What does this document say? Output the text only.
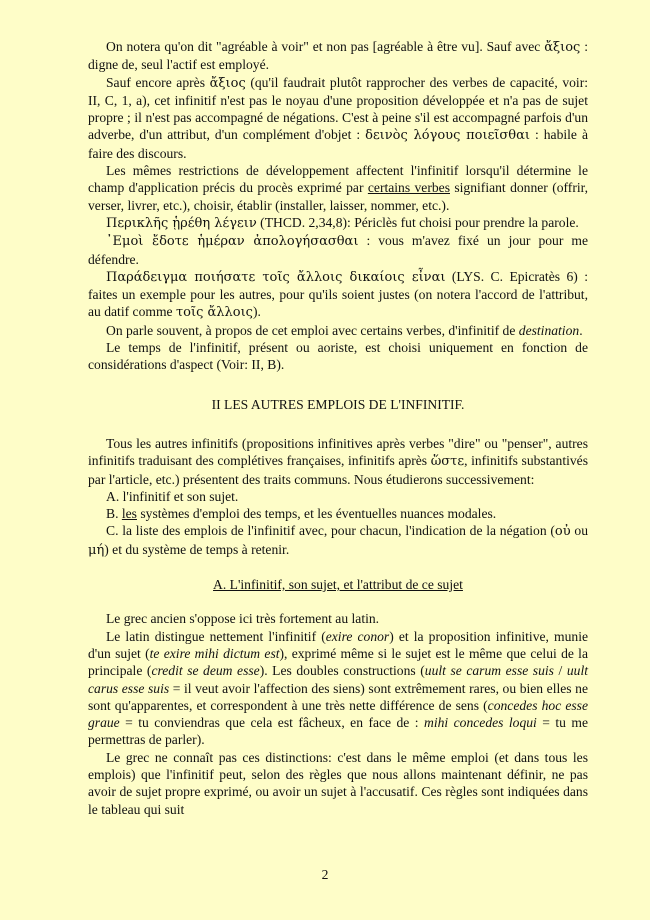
On notera qu'on dit "agréable à voir" et non pas [agréable à être vu]. Sauf avec ἄξιος : digne de, seul l'actif est employé.

Sauf encore après ἄξιος (qu'il faudrait plutôt rapprocher des verbes de capacité, voir: II, C, 1, a), cet infinitif n'est pas le noyau d'une proposition développée et n'a pas de sujet propre ; il n'est pas accompagné de négations. C'est à peine s'il est accompagné parfois d'un adverbe, d'un attribut, d'un complément d'objet : δεινὸς λόγους ποιεῖσθαι : habile à faire des discours.

Les mêmes restrictions de développement affectent l'infinitif lorsqu'il détermine le champ d'application précis du procès exprimé par certains verbes signifiant donner (offrir, verser, livrer, etc.), choisir, établir (installer, laisser, nommer, etc.).

Περικλῆς ᾑρέθη λέγειν (THCD. 2,34,8): Périclès fut choisi pour prendre la parole.

᾿Εμοὶ ἔδοτε ἡμέραν ἀπολογήσασθαι : vous m'avez fixé un jour pour me défendre.

Παράδειγμα ποιήσατε τοῖς ἄλλοις δικαίοις εἶναι (LYS. C. Epicratès 6) : faites un exemple pour les autres, pour qu'ils soient justes (on notera l'accord de l'attribut, au datif comme τοῖς ἄλλοις).

On parle souvent, à propos de cet emploi avec certains verbes, d'infinitif de destination.

Le temps de l'infinitif, présent ou aoriste, est choisi uniquement en fonction de considérations d'aspect (Voir: II, B).

II LES AUTRES EMPLOIS DE L'INFINITIF.

Tous les autres infinitifs (propositions infinitives après verbes "dire" ou "penser", autres infinitifs traduisant des complétives françaises, infinitifs après ὥστε, infinitifs substantivés par l'article, etc.) présentent des traits communs. Nous étudierons successivement:

A. l'infinitif et son sujet.

B. les systèmes d'emploi des temps, et les éventuelles nuances modales.

C. la liste des emplois de l'infinitif avec, pour chacun, l'indication de la négation (οὐ ou μή) et du système de temps à retenir.

A. L'infinitif, son sujet, et l'attribut de ce sujet

Le grec ancien s'oppose ici très fortement au latin.

Le latin distingue nettement l'infinitif (exire conor) et la proposition infinitive, munie d'un sujet (te exire mihi dictum est), exprimé même si le sujet est le même que celui de la principale (credit se deum esse). Les doubles constructions (uult se carum esse suis / uult carus esse suis = il veut avoir l'affection des siens) sont extrêmement rares, ou bien elles ne sont qu'apparentes, et correspondent à une très nette différence de sens (concedes hoc esse graue = tu conviendras que cela est fâcheux, en face de : mihi concedes loqui = tu me permettras de parler).

Le grec ne connaît pas ces distinctions: c'est dans le même emploi (et dans tous les emplois) que l'infinitif peut, selon des règles que nous allons maintenant définir, ne pas avoir de sujet propre exprimé, ou avoir un sujet à l'accusatif. Ces règles sont indiquées dans le tableau qui suit

2
